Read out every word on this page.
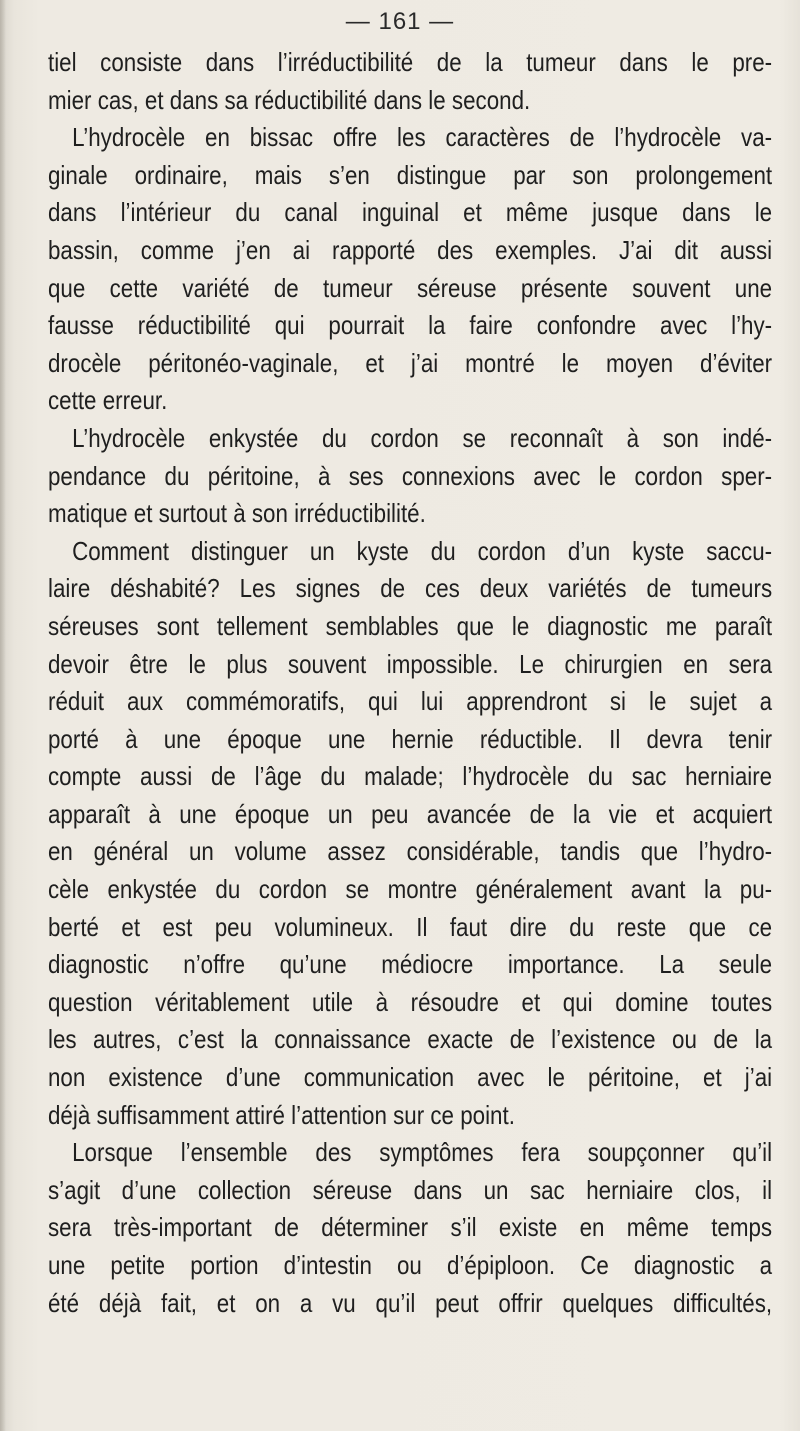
— 161 —
tiel consiste dans l’irréductibilité de la tumeur dans le pre-
mier cas, et dans sa réductibilité dans le second.
L’hydrocèle en bissac offre les caractères de l’hydrocèle va-
ginale ordinaire, mais s’en distingue par son prolongement
dans l’intérieur du canal inguinal et même jusque dans le
bassin, comme j’en ai rapporté des exemples. J’ai dit aussi
que cette variété de tumeur séreuse présente souvent une
fausse réductibilité qui pourrait la faire confondre avec l’hy-
drocèle péritonéo-vaginale, et j’ai montré le moyen d’éviter
cette erreur.
L’hydrocèle enkystée du cordon se reconnaît à son indé-
pendance du péritoine, à ses connexions avec le cordon sper-
matique et surtout à son irréductibilité.
Comment distinguer un kyste du cordon d’un kyste saccu-
laire déshabité? Les signes de ces deux variétés de tumeurs
séreuses sont tellement semblables que le diagnostic me paraît
devoir être le plus souvent impossible. Le chirurgien en sera
réduit aux commémoratifs, qui lui apprendront si le sujet a
porté à une époque une hernie réductible. Il devra tenir
compte aussi de l’âge du malade; l’hydrocèle du sac herniaire
apparaît à une époque un peu avancée de la vie et acquiert
en général un volume assez considérable, tandis que l’hydro-
cèle enkystée du cordon se montre généralement avant la pu-
berté et est peu volumineux. Il faut dire du reste que ce
diagnostic n’offre qu’une médiocre importance. La seule
question véritablement utile à résoudre et qui domine toutes
les autres, c’est la connaissance exacte de l’existence ou de la
non existence d’une communication avec le péritoine, et j’ai
déjà suffisamment attiré l’attention sur ce point.
Lorsque l’ensemble des symptômes fera soupçonner qu’il
s’agit d’une collection séreuse dans un sac herniaire clos, il
sera très-important de déterminer s’il existe en même temps
une petite portion d’intestin ou d’épiploon. Ce diagnostic a
été déjà fait, et on a vu qu’il peut offrir quelques difficultés,
